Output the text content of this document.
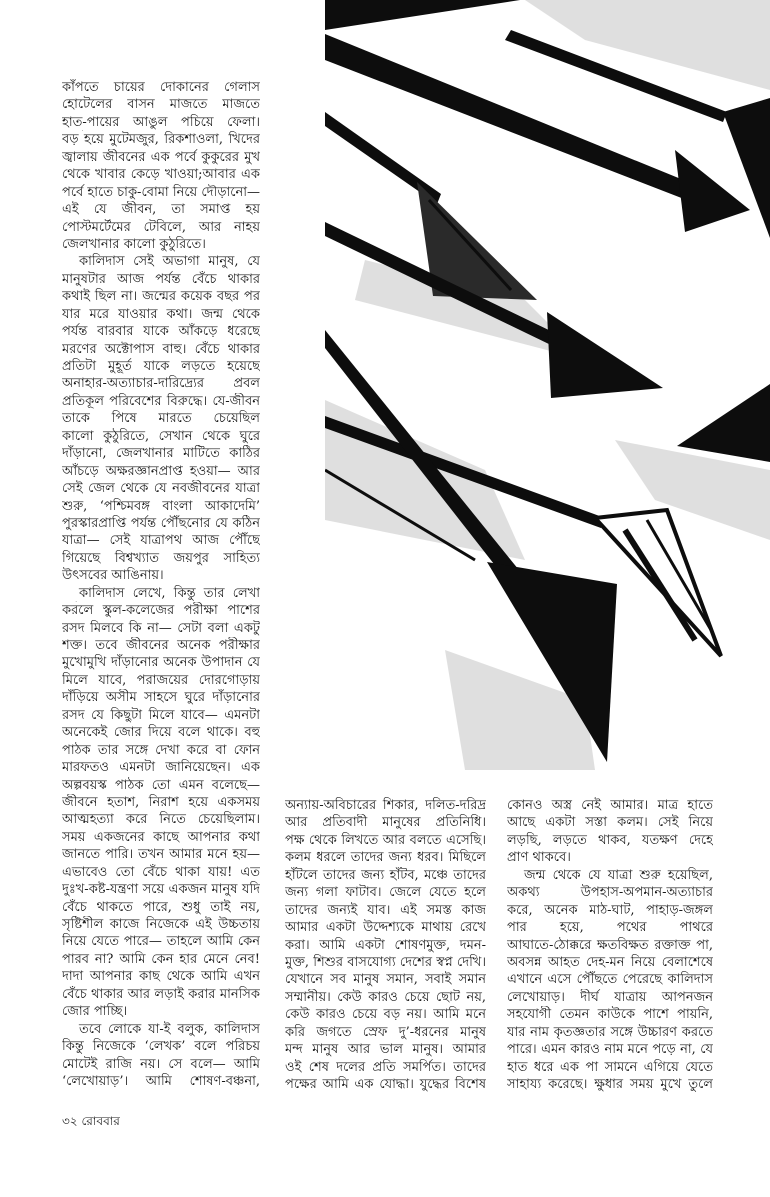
কাঁপতে চায়ের দোকানের গেলাস
হোটেলের বাসন মাজতে মাজতে
হাত-পায়ের আঙুল পচিয়ে ফেলা।
বড় হয়ে মুটেমজুর, রিকশাওলা, খিদের
জ্বালায় জীবনের এক পর্বে কুকুরের মুখ
থেকে খাবার কেড়ে খাওয়া;আবার এক
পর্বে হাতে চাকু-বোমা নিয়ে দৌড়ানো—
এই যে জীবন, তা সমাপ্ত হয়
পোস্টমর্টেমের টেবিলে, আর নাহয়
জেলখানার কালো কুঠুরিতে।
কালিদাস সেই অভাগা মানুষ, যে
মানুষটার আজ পর্যন্ত বেঁচে থাকার
কথাই ছিল না। জন্মের কয়েক বছর পর
যার মরে যাওয়ার কথা। জন্ম থেকে
পর্যন্ত বারবার যাকে আঁকড়ে ধরেছে
মরণের অক্টোপাস বাহু। বেঁচে থাকার
প্রতিটা মুহূর্ত যাকে লড়তে হয়েছে
অনাহার-অত্যাচার-দারিদ্র্যের প্রবল
প্রতিকূল পরিবেশের বিরুদ্ধে। যে-জীবন
তাকে পিষে মারতে চেয়েছিল
কালো কুঠুরিতে, সেখান থেকে ঘুরে
দাঁড়ানো, জেলখানার মাটিতে কাঠির
আঁচড়ে অক্ষরজ্ঞানপ্রাপ্ত হওয়া— আর
সেই জেল থেকে যে নবজীবনের যাত্রা
শুরু, ‘পশ্চিমবঙ্গ বাংলা আকাদেমি’
পুরস্কারপ্রাপ্তি পর্যন্ত পৌঁছনোর যে কঠিন
যাত্রা— সেই যাত্রাপথ আজ পৌঁছে
গিয়েছে বিশ্বখ্যাত জয়পুর সাহিত্য
উৎসবের আঙিনায়।
কালিদাস লেখে, কিন্তু তার লেখা
করলে স্কুল-কলেজের পরীক্ষা পাশের
রসদ মিলবে কি না— সেটা বলা একটু
শক্ত। তবে জীবনের অনেক পরীক্ষার
মুখোমুখি দাঁড়ানোর অনেক উপাদান যে
মিলে যাবে, পরাজয়ের দোরগোড়ায়
দাঁড়িয়ে অসীম সাহসে ঘুরে দাঁড়ানোর
রসদ যে কিছুটা মিলে যাবে— এমনটা
অনেকেই জোর দিয়ে বলে থাকে। বহু
পাঠক তার সঙ্গে দেখা করে বা ফোন
মারফতও এমনটা জানিয়েছেন। এক
অল্পবয়স্ক পাঠক তো এমন বলেছে—
জীবনে হতাশ, নিরাশ হয়ে একসময়
আত্মহত্যা করে নিতে চেয়েছিলাম।
সময় একজনের কাছে আপনার কথা
জানতে পারি। তখন আমার মনে হয়—
এভাবেও তো বেঁচে থাকা যায়! এত
দুঃখ-কষ্ট-যন্ত্রণা সয়ে একজন মানুষ যদি
বেঁচে থাকতে পারে, শুধু তাই নয়,
সৃষ্টিশীল কাজে নিজেকে এই উচ্চতায়
নিয়ে যেতে পারে— তাহলে আমি কেন
পারব না? আমি কেন হার মেনে নেব!
দাদা আপনার কাছ থেকে আমি এখন
বেঁচে থাকার আর লড়াই করার মানসিক
জোর পাচ্ছি।
তবে লোকে যা-ই বলুক, কালিদাস
কিন্তু নিজেকে ‘লেখক’ বলে পরিচয়
মোটেই রাজি নয়। সে বলে— আমি
‘লেখোয়াড়’। আমি শোষণ-বঞ্চনা,
অন্যায়-অবিচারের শিকার, দলিত-দরিদ্র
আর প্রতিবাদী মানুষের প্রতিনিধি।
পক্ষ থেকে লিখতে আর বলতে এসেছি।
কলম ধরলে তাদের জন্য ধরব। মিছিলে
হাঁটলে তাদের জন্য হাঁটব, মঞ্চে তাদের
জন্য গলা ফাটাব। জেলে যেতে হলে
তাদের জন্যই যাব। এই সমস্ত কাজ
আমার একটা উদ্দেশ্যকে মাথায় রেখে
করা। আমি একটা শোষণমুক্ত, দমন-
মুক্ত, শিশুর বাসযোগ্য দেশের স্বপ্ন দেখি।
যেখানে সব মানুষ সমান, সবাই সমান
সম্মানীয়। কেউ কারও চেয়ে ছোট নয়,
কেউ কারও চেয়ে বড় নয়। আমি মনে
করি জগতে স্রেফ দু’-ধরনের মানুষ
মন্দ মানুষ আর ভাল মানুষ। আমার
ওই শেষ দলের প্রতি সমর্পিত। তাদের
পক্ষের আমি এক যোদ্ধা। যুদ্ধের বিশেষ
কোনও অস্ত্র নেই আমার। মাত্র হাতে
আছে একটা সস্তা কলম। সেই নিয়ে
লড়ছি, লড়তে থাকব, যতক্ষণ দেহে
প্রাণ থাকবে।
জন্ম থেকে যে যাত্রা শুরু হয়েছিল,
অকথ্য উপহাস-অপমান-অত্যাচার
করে, অনেক মাঠ-ঘাট, পাহাড়-জঙ্গল
পার হয়ে, পথের পাথরে
আঘাতে-ঠোক্করে ক্ষতবিক্ষত রক্তাক্ত পা,
অবসন্ন আহত দেহ-মন নিয়ে বেলাশেষে
এখানে এসে পৌঁছতে পেরেছে কালিদাস
লেখোয়াড়। দীর্ঘ যাত্রায় আপনজন
সহযোগী তেমন কাউকে পাশে পায়নি,
যার নাম কৃতজ্ঞতার সঙ্গে উচ্চারণ করতে
পারে। এমন কারও নাম মনে পড়ে না, যে
হাত ধরে এক পা সামনে এগিয়ে যেতে
সাহায্য করেছে। ক্ষুধার সময় মুখে তুলে
৩২ রোববার
